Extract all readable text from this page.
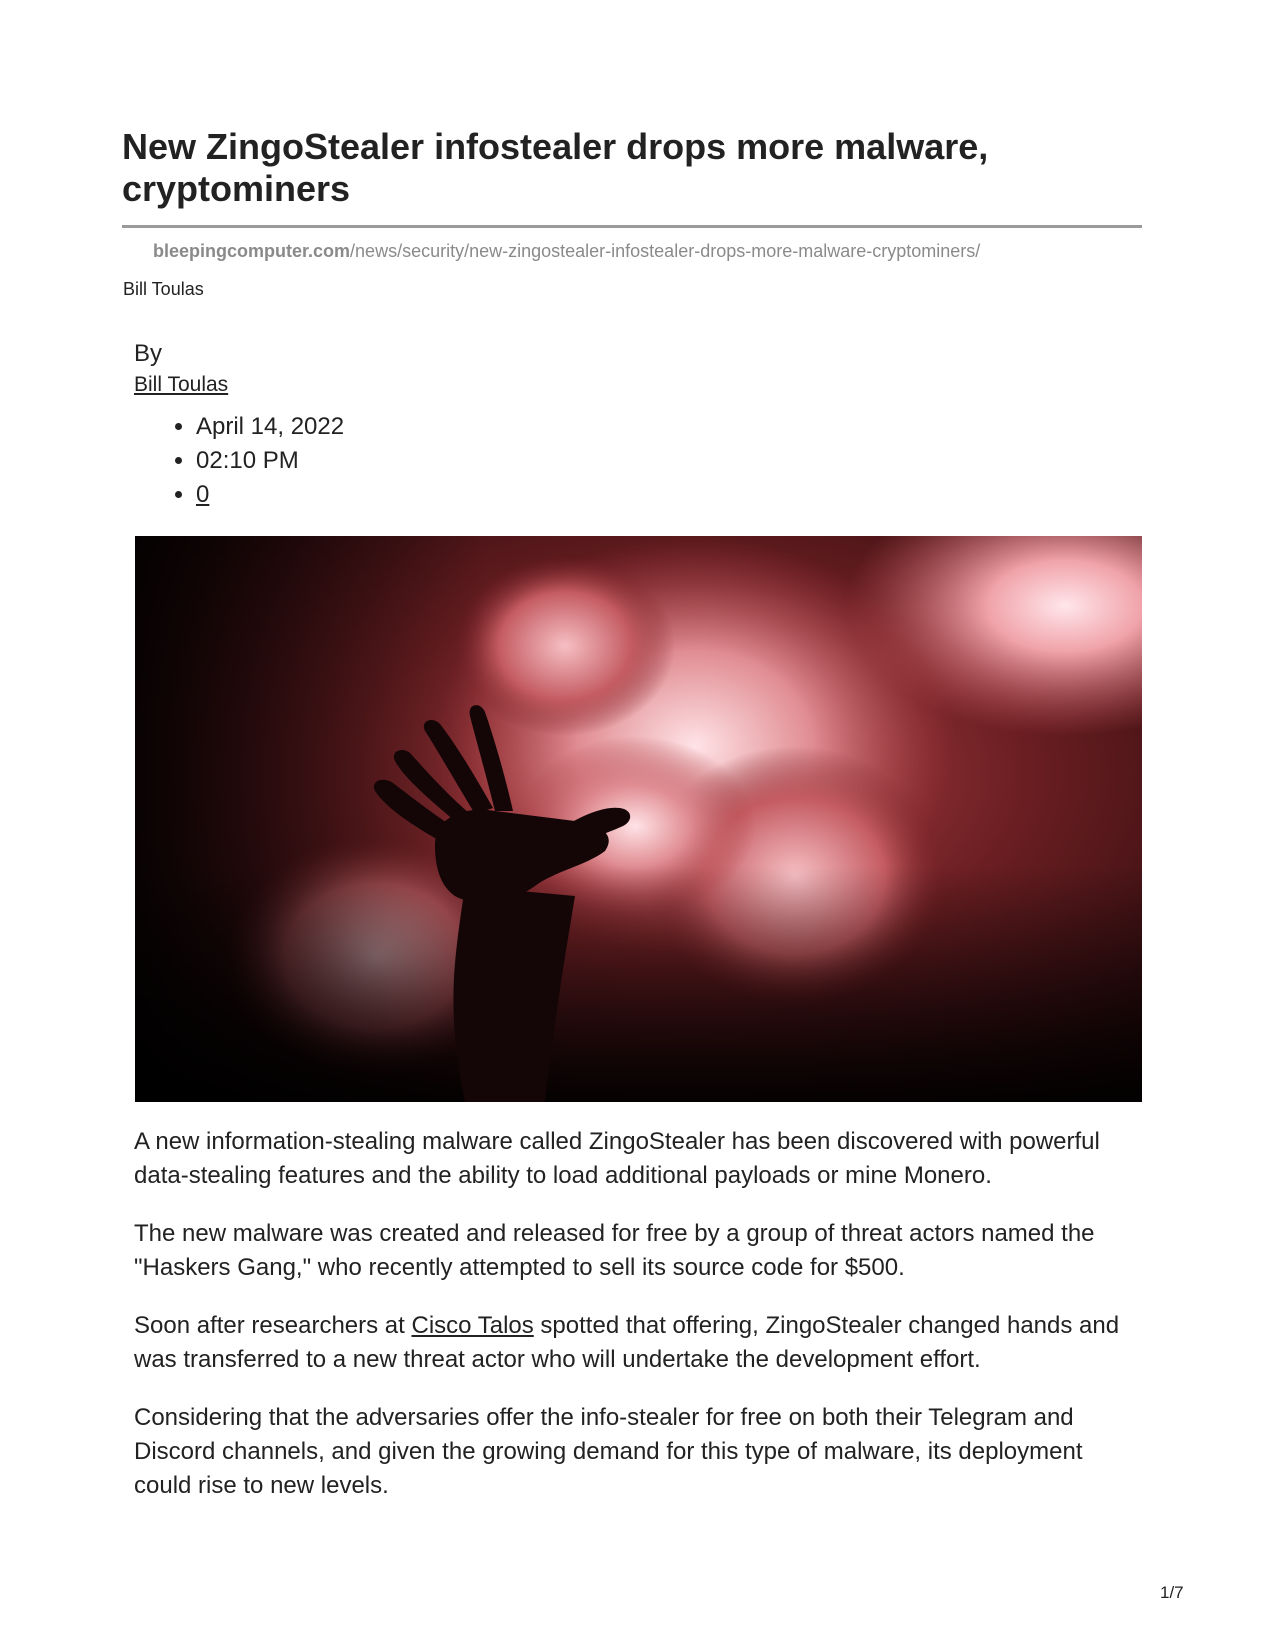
New ZingoStealer infostealer drops more malware, cryptominers
bleepingcomputer.com/news/security/new-zingostealer-infostealer-drops-more-malware-cryptominers/
Bill Toulas
By
Bill Toulas
• April 14, 2022
• 02:10 PM
• 0

A new information-stealing malware called ZingoStealer has been discovered with powerful data-stealing features and the ability to load additional payloads or mine Monero.

The new malware was created and released for free by a group of threat actors named the "Haskers Gang," who recently attempted to sell its source code for $500.

Soon after researchers at Cisco Talos spotted that offering, ZingoStealer changed hands and was transferred to a new threat actor who will undertake the development effort.

Considering that the adversaries offer the info-stealer for free on both their Telegram and Discord channels, and given the growing demand for this type of malware, its deployment could rise to new levels.

1/7
